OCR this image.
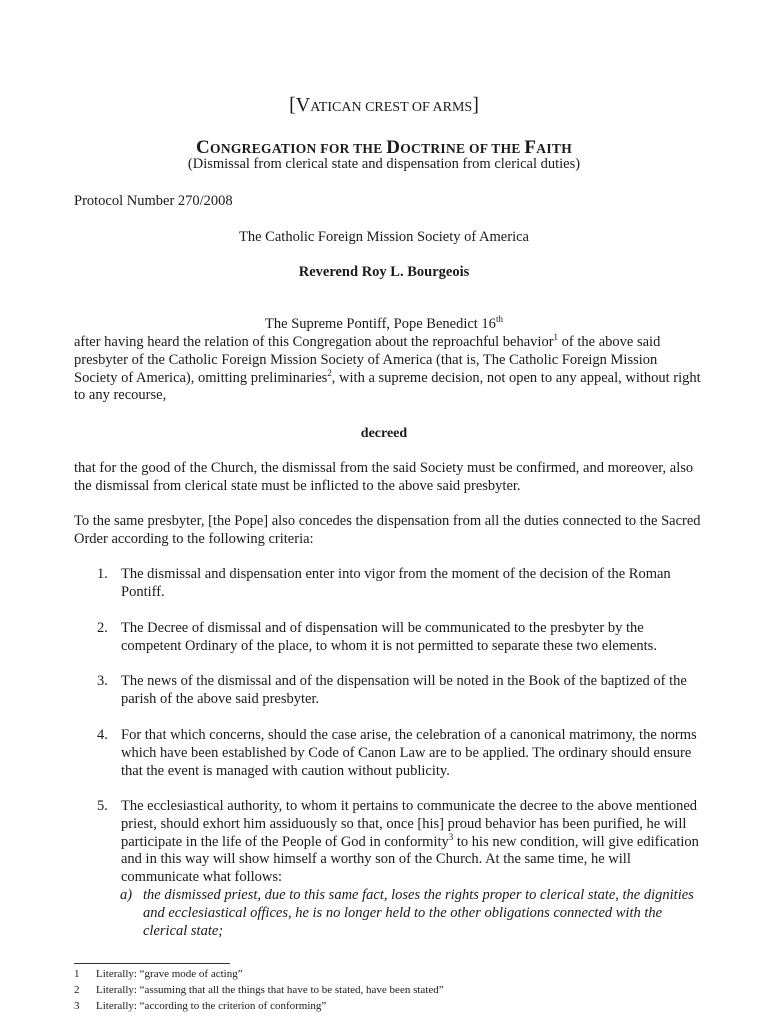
[VATICAN CREST OF ARMS]
CONGREGATION FOR THE DOCTRINE OF THE FAITH
(Dismissal from clerical state and dispensation from clerical duties)
Protocol Number 270/2008
The Catholic Foreign Mission Society of America
Reverend Roy L. Bourgeois
The Supreme Pontiff, Pope Benedict 16th
after having heard the relation of this Congregation about the reproachful behavior$^1$ of the above said presbyter of the Catholic Foreign Mission Society of America (that is, The Catholic Foreign Mission Society of America), omitting preliminaries$^2$, with a supreme decision, not open to any appeal, without right to any recourse,
decreed
that for the good of the Church, the dismissal from the said Society must be confirmed, and moreover, also the dismissal from clerical state must be inflicted to the above said presbyter.
To the same presbyter, [the Pope] also concedes the dispensation from all the duties connected to the Sacred Order according to the following criteria:
1. The dismissal and dispensation enter into vigor from the moment of the decision of the Roman Pontiff.
2. The Decree of dismissal and of dispensation will be communicated to the presbyter by the competent Ordinary of the place, to whom it is not permitted to separate these two elements.
3. The news of the dismissal and of the dispensation will be noted in the Book of the baptized of the parish of the above said presbyter.
4. For that which concerns, should the case arise, the celebration of a canonical matrimony, the norms which have been established by Code of Canon Law are to be applied. The ordinary should ensure that the event is managed with caution without publicity.
5. The ecclesiastical authority, to whom it pertains to communicate the decree to the above mentioned priest, should exhort him assiduously so that, once [his] proud behavior has been purified, he will participate in the life of the People of God in conformity$^3$ to his new condition, will give edification and in this way will show himself a worthy son of the Church. At the same time, he will communicate what follows:
a) the dismissed priest, due to this same fact, loses the rights proper to clerical state, the dignities and ecclesiastical offices, he is no longer held to the other obligations connected with the clerical state;
1 Literally: “grave mode of acting”
2 Literally: “assuming that all the things that have to be stated, have been stated”
3 Literally: “according to the criterion of conforming”
